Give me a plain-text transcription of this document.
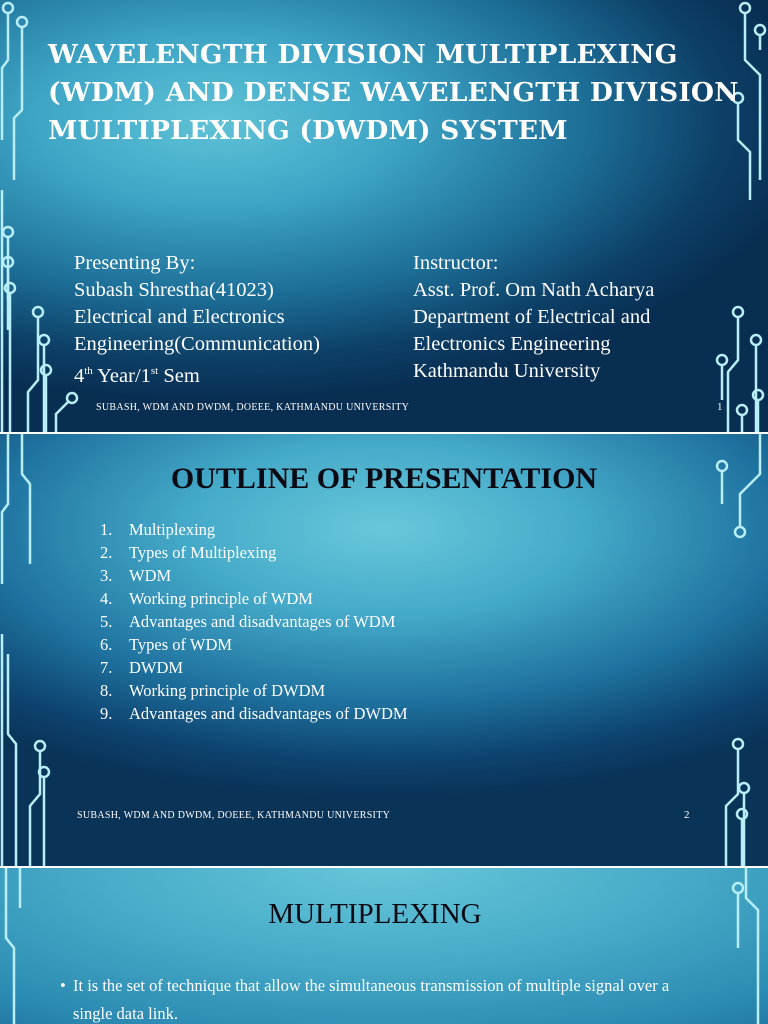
WAVELENGTH DIVISION MULTIPLEXING (WDM) AND DENSE WAVELENGTH DIVISION MULTIPLEXING (DWDM) SYSTEM
Presenting By:
Subash Shrestha(41023)
Electrical and Electronics
Engineering(Communication)
4th Year/1st Sem
Instructor:
Asst. Prof. Om Nath Acharya
Department of Electrical and
Electronics Engineering
Kathmandu University
SUBASH, WDM AND DWDM, DOEEE, KATHMANDU UNIVERSITY	1
OUTLINE OF PRESENTATION
1.	Multiplexing
2.	Types of Multiplexing
3.	WDM
4.	Working principle of WDM
5.	Advantages and disadvantages of WDM
6.	Types of WDM
7.	DWDM
8.	Working principle of DWDM
9.	Advantages and disadvantages of DWDM
SUBASH, WDM AND DWDM, DOEEE, KATHMANDU UNIVERSITY	2
MULTIPLEXING
• It is the set of technique that allow the simultaneous transmission of multiple signal over a single data link.
